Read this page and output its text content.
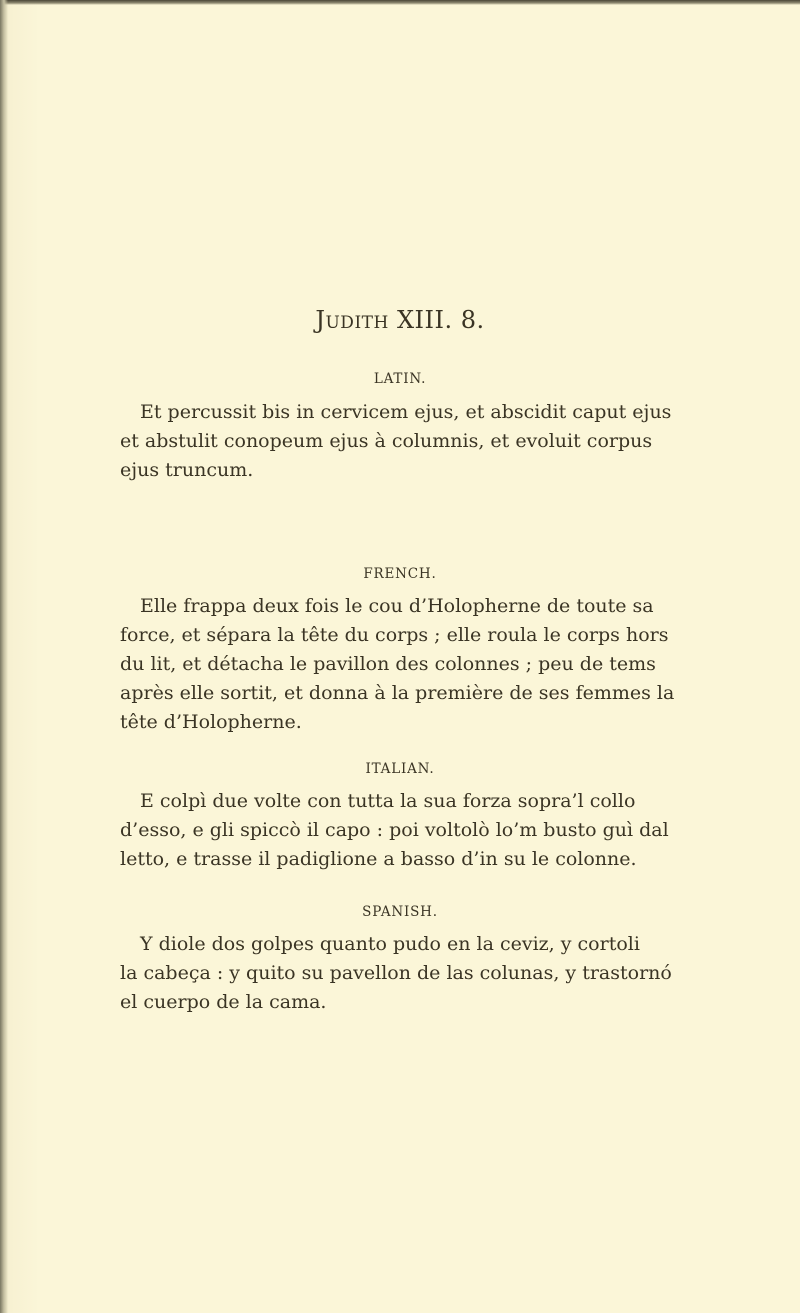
Judith XIII. 8.
LATIN.

Et percussit bis in cervicem ejus, et abscidit caput ejus

et abstulit conopeum ejus à columnis, et evoluit corpus

ejus truncum.

FRENCH.

Elle frappa deux fois le cou d’Holopherne de toute sa

force, et sépara la tête du corps ; elle roula le corps hors

du lit, et détacha le pavillon des colonnes ; peu de tems

après elle sortit, et donna à la première de ses femmes la

tête d’Holopherne.

ITALIAN.

E colpì due volte con tutta la sua forza sopra’l collo

d’esso, e gli spiccò il capo : poi voltolò lo’m busto guì dal

letto, e trasse il padiglione a basso d’in su le colonne.

SPANISH.

Y diole dos golpes quanto pudo en la ceviz, y cortoli

la cabeça : y quito su pavellon de las colunas, y trastornó

el cuerpo de la cama.
